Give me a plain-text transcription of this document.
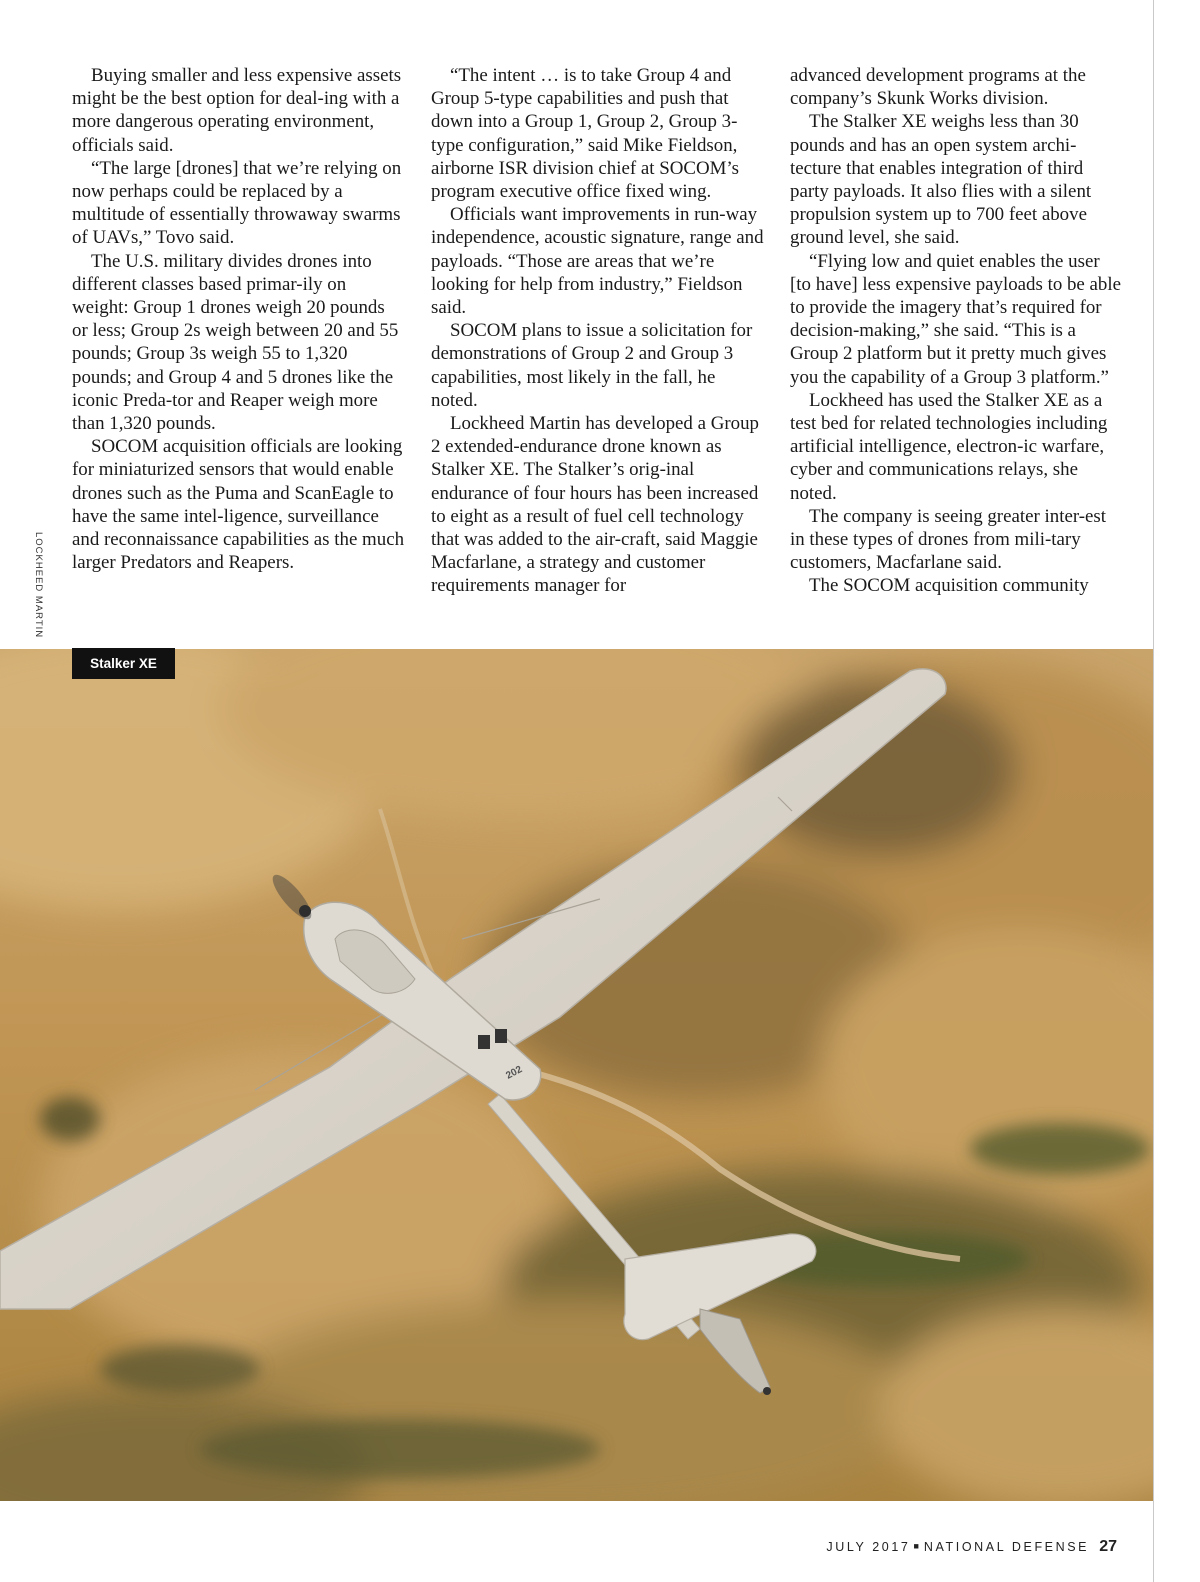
LOCKHEED MARTIN

Buying smaller and less expensive assets might be the best option for deal-ing with a more dangerous operating environment, officials said.

“The large [drones] that we’re relying on now perhaps could be replaced by a multitude of essentially throwaway swarms of UAVs,” Tovo said.

The U.S. military divides drones into different classes based primar-ily on weight: Group 1 drones weigh 20 pounds or less; Group 2s weigh between 20 and 55 pounds; Group 3s weigh 55 to 1,320 pounds; and Group 4 and 5 drones like the iconic Preda-tor and Reaper weigh more than 1,320 pounds.

SOCOM acquisition officials are looking for miniaturized sensors that would enable drones such as the Puma and ScanEagle to have the same intel-ligence, surveillance and reconnaissance capabilities as the much larger Predators and Reapers.

“The intent … is to take Group 4 and Group 5-type capabilities and push that down into a Group 1, Group 2, Group 3-type configuration,” said Mike Fieldson, airborne ISR division chief at SOCOM’s program executive office fixed wing.

Officials want improvements in run-way independence, acoustic signature, range and payloads. “Those are areas that we’re looking for help from industry,” Fieldson said.

SOCOM plans to issue a solicitation for demonstrations of Group 2 and Group 3 capabilities, most likely in the fall, he noted.

Lockheed Martin has developed a Group 2 extended-endurance drone known as Stalker XE. The Stalker’s orig-inal endurance of four hours has been increased to eight as a result of fuel cell technology that was added to the air-craft, said Maggie Macfarlane, a strategy and customer requirements manager for

advanced development programs at the company’s Skunk Works division.

The Stalker XE weighs less than 30 pounds and has an open system archi-tecture that enables integration of third party payloads. It also flies with a silent propulsion system up to 700 feet above ground level, she said.

“Flying low and quiet enables the user [to have] less expensive payloads to be able to provide the imagery that’s required for decision-making,” she said. “This is a Group 2 platform but it pretty much gives you the capability of a Group 3 platform.”

Lockheed has used the Stalker XE as a test bed for related technologies including artificial intelligence, electron-ic warfare, cyber and communications relays, she noted.

The company is seeing greater inter-est in these types of drones from mili-tary customers, Macfarlane said.

The SOCOM acquisition community

202
Stalker XE
JULY 2017 ■ NATIONAL DEFENSE 27
